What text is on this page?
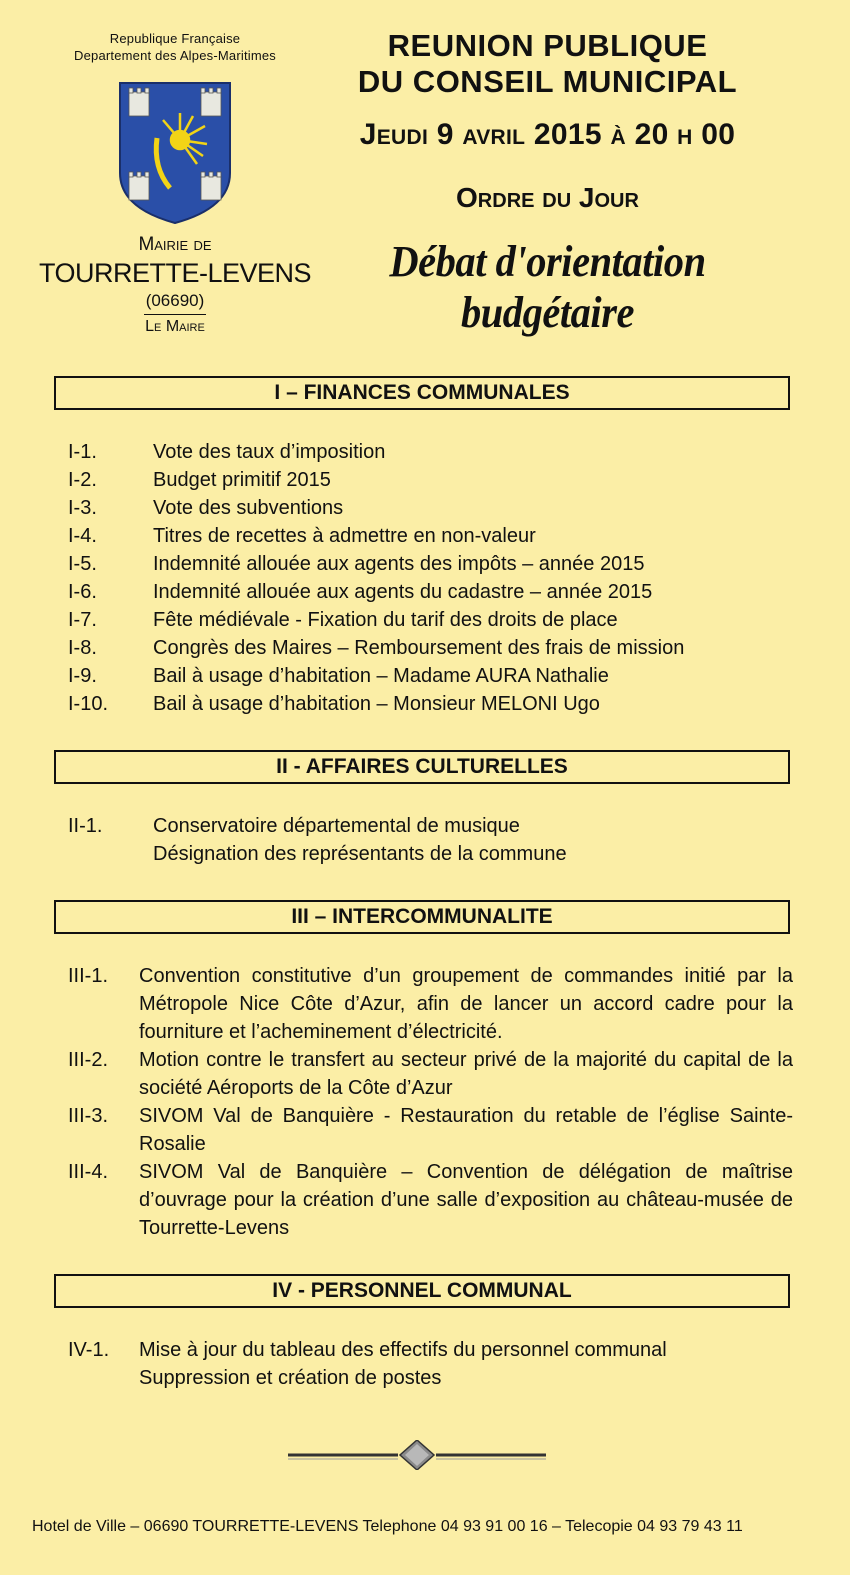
Republique Française
Departement des Alpes-Maritimes
Mairie de
TOURRETTE-LEVENS
(06690)
Le Maire
REUNION PUBLIQUE
DU CONSEIL MUNICIPAL
Jeudi 9 avril 2015 à 20 h 00
Ordre du Jour
Débat d'orientation budgétaire
I – FINANCES COMMUNALES
I-1.	Vote des taux d’imposition
I-2.	Budget primitif 2015
I-3.	Vote des subventions
I-4.	Titres de recettes à admettre en non-valeur
I-5.	Indemnité allouée aux agents des impôts – année 2015
I-6.	Indemnité allouée aux agents du cadastre – année 2015
I-7.	Fête médiévale - Fixation du tarif des droits de place
I-8.	Congrès des Maires – Remboursement des frais de mission
I-9.	Bail à usage d’habitation – Madame AURA Nathalie
I-10.	Bail à usage d’habitation – Monsieur MELONI Ugo
II - AFFAIRES CULTURELLES
II-1.	Conservatoire départemental de musique
Désignation des représentants de la commune
III – INTERCOMMUNALITE
III-1.	Convention constitutive d’un groupement de commandes initié par la Métropole Nice Côte d’Azur, afin de lancer un accord cadre pour la fourniture et l’acheminement d’électricité.
III-2.	Motion contre le transfert au secteur privé de la majorité du capital de la société Aéroports de la Côte d’Azur
III-3.	SIVOM Val de Banquière - Restauration du retable de l’église Sainte-Rosalie
III-4.	SIVOM Val de Banquière – Convention de délégation de maîtrise d’ouvrage pour la création d’une salle d’exposition au château-musée de Tourrette-Levens
IV - PERSONNEL COMMUNAL
IV-1.	Mise à jour du tableau des effectifs du personnel communal
Suppression et création de postes
Hotel de Ville – 06690 TOURRETTE-LEVENS Telephone 04 93 91 00 16 – Telecopie 04 93 79 43 11
